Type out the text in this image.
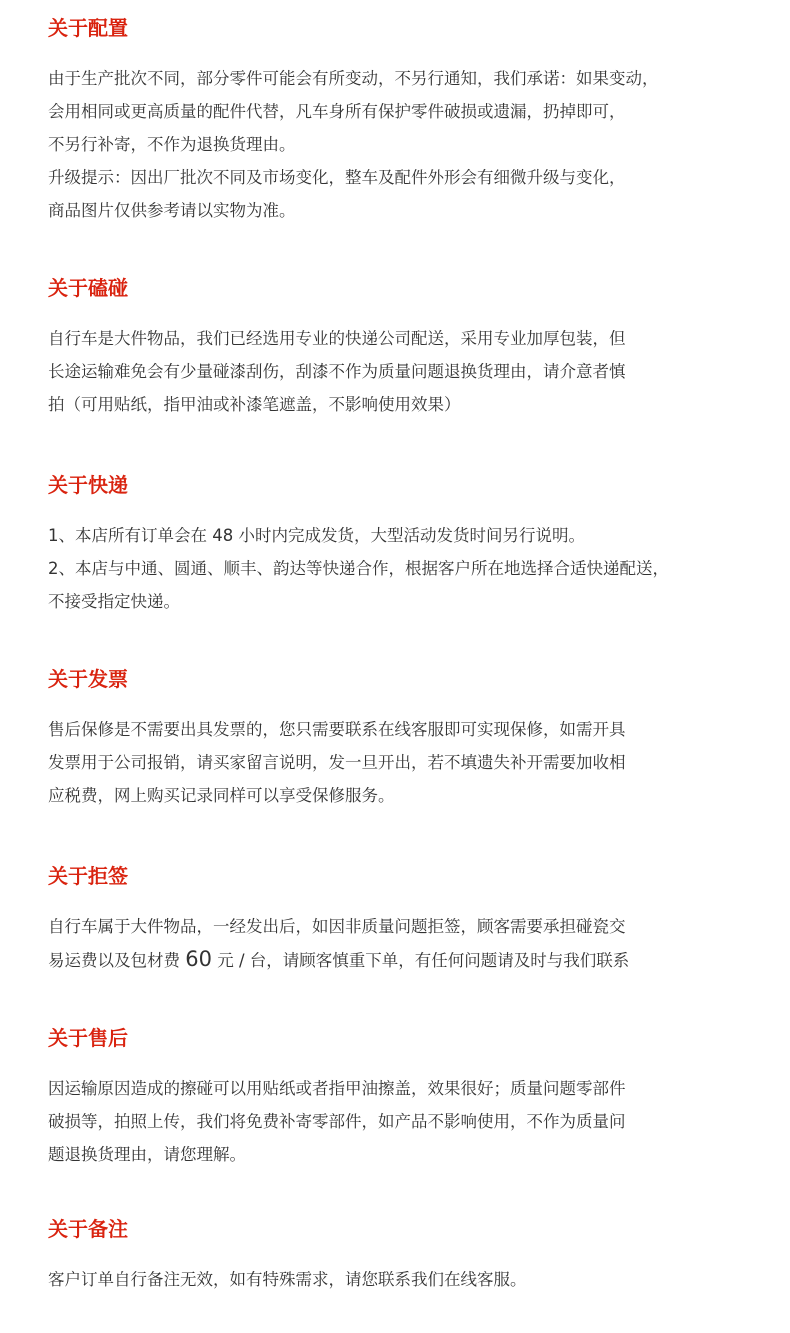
关于配置
由于生产批次不同，部分零件可能会有所变动，不另行通知，我们承诺：如果变动，
会用相同或更高质量的配件代替，凡车身所有保护零件破损或遗漏，扔掉即可，
不另行补寄，不作为退换货理由。
升级提示：因出厂批次不同及市场变化，整车及配件外形会有细微升级与变化，
商品图片仅供参考请以实物为准。
关于磕碰
自行车是大件物品，我们已经选用专业的快递公司配送，采用专业加厚包装，但
长途运输难免会有少量碰漆刮伤，刮漆不作为质量问题退换货理由，请介意者慎
拍（可用贴纸，指甲油或补漆笔遮盖，不影响使用效果）
关于快递
1、本店所有订单会在 48 小时内完成发货，大型活动发货时间另行说明。
2、本店与中通、圆通、顺丰、韵达等快递合作，根据客户所在地选择合适快递配送，
不接受指定快递。
关于发票
售后保修是不需要出具发票的，您只需要联系在线客服即可实现保修，如需开具
发票用于公司报销，请买家留言说明，发一旦开出，若不填遗失补开需要加收相
应税费，网上购买记录同样可以享受保修服务。
关于拒签
自行车属于大件物品，一经发出后，如因非质量问题拒签，顾客需要承担碰瓷交
易运费以及包材费 60 元 / 台，请顾客慎重下单，有任何问题请及时与我们联系
关于售后
因运输原因造成的擦碰可以用贴纸或者指甲油擦盖，效果很好；质量问题零部件
破损等，拍照上传，我们将免费补寄零部件，如产品不影响使用，不作为质量问
题退换货理由，请您理解。
关于备注
客户订单自行备注无效，如有特殊需求，请您联系我们在线客服。
